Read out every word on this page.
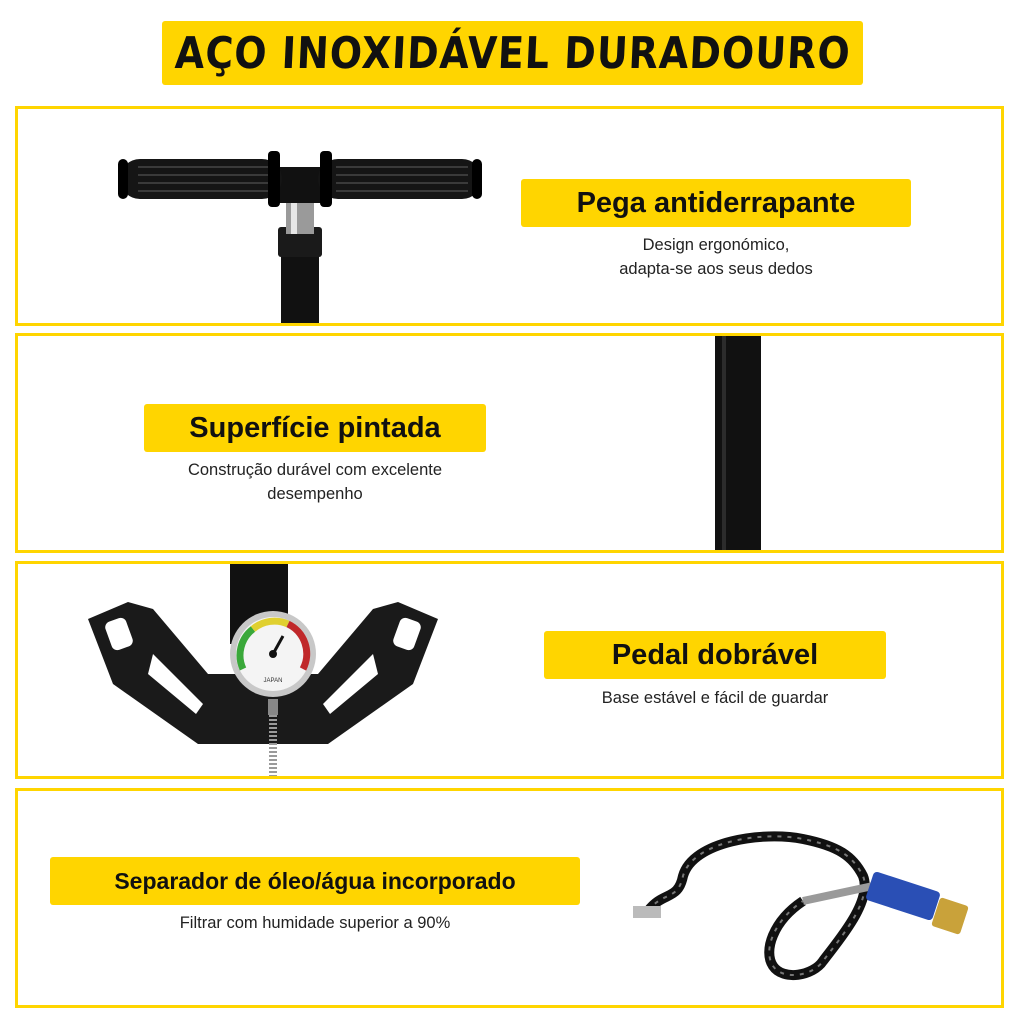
AÇO INOXIDÁVEL DURADOURO
Pega antiderrapante
Design ergonómico,
adapta-se aos seus dedos
Superfície pintada
Construção durável com excelente
desempenho
JAPAN
Pedal dobrável
Base estável e fácil de guardar
Separador de óleo/água incorporado
Filtrar com humidade superior a 90%
